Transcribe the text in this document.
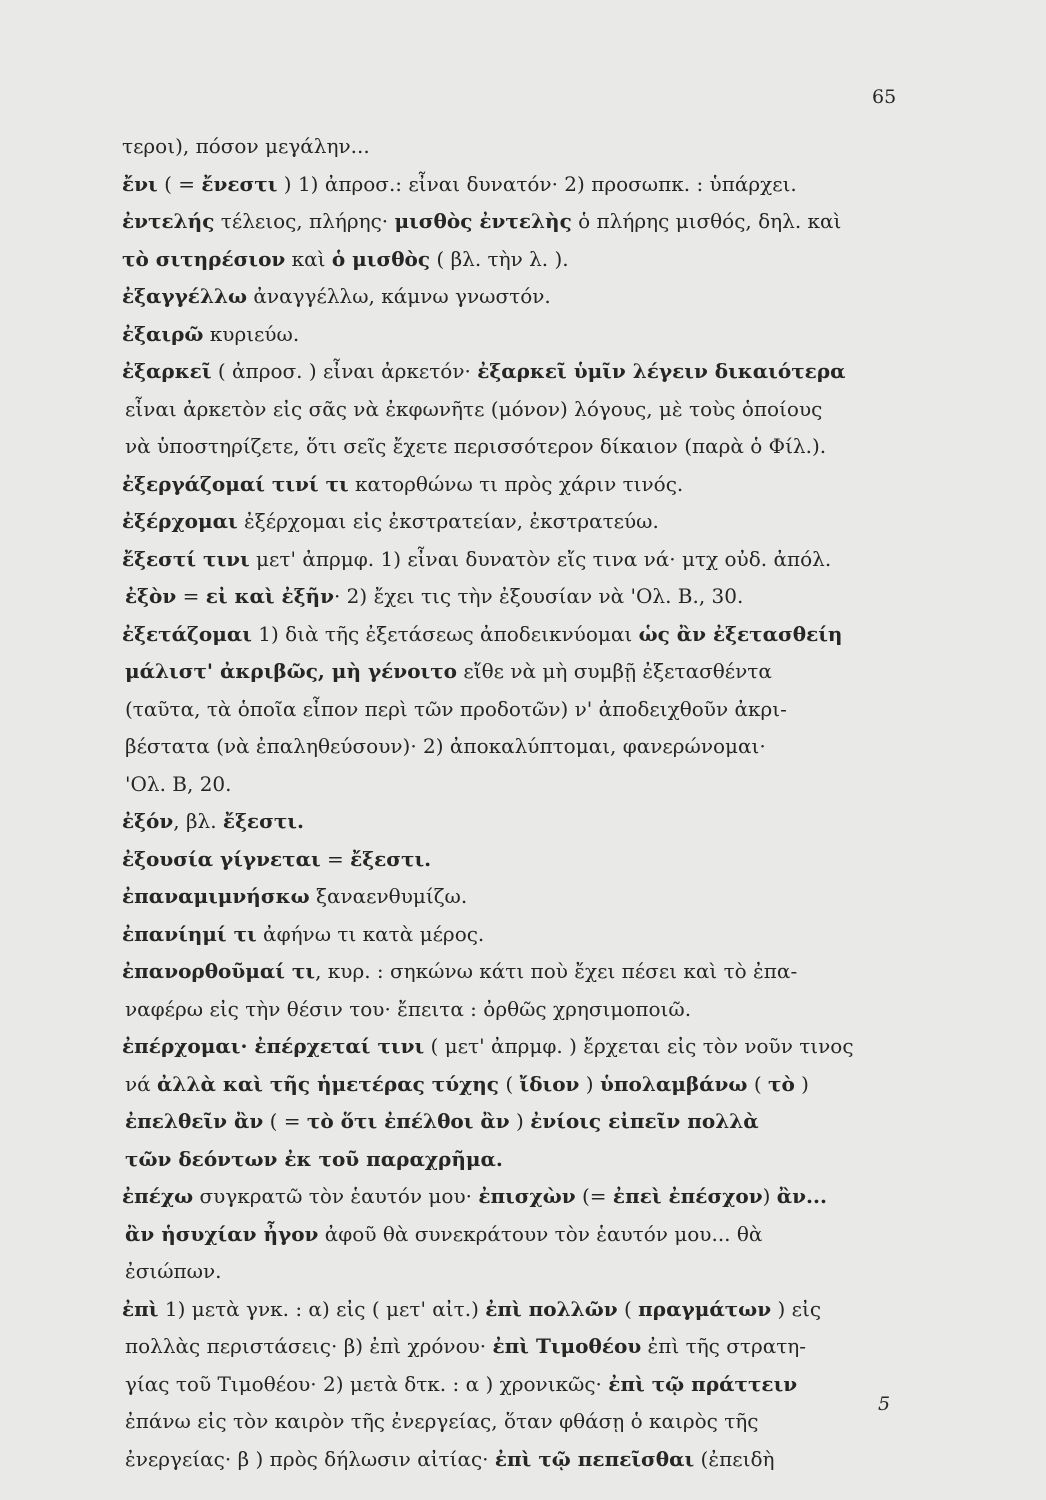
65
τεροι), πόσον μεγάλην...
ἔνι ( = ἔνεστι ) 1) ἀπροσ.: εἶναι δυνατόν· 2) προσωπκ. : ὑπάρχει.
ἐντελής τέλειος, πλήρης· μισθὸς ἐντελὴς ὁ πλήρης μισθός, δηλ. καὶ
τὸ σιτηρέσιον καὶ ὁ μισθὸς ( βλ. τὴν λ. ).
ἐξαγγέλλω ἀναγγέλλω, κάμνω γνωστόν.
ἐξαιρῶ κυριεύω.
ἐξαρκεῖ ( ἀπροσ. ) εἶναι ἀρκετόν· ἐξαρκεῖ ὑμῖν λέγειν δικαιότερα
εἶναι ἀρκετὸν εἰς σᾶς νὰ ἐκφωνῆτε (μόνον) λόγους, μὲ τοὺς ὁποίους
νὰ ὑποστηρίζετε, ὅτι σεῖς ἔχετε περισσότερον δίκαιον (παρὰ ὁ Φίλ.).
ἐξεργάζομαί τινί τι κατορθώνω τι πρὸς χάριν τινός.
ἐξέρχομαι ἐξέρχομαι εἰς ἐκστρατείαν, ἐκστρατεύω.
ἔξεστί τινι μετ' ἀπρμφ. 1) εἶναι δυνατὸν εἴς τινα νά· μτχ οὐδ. ἀπόλ.
ἐξὸν = εἰ καὶ ἐξῆν· 2) ἔχει τις τὴν ἐξουσίαν νὰ 'Ολ. Β., 30.
ἐξετάζομαι 1) διὰ τῆς ἐξετάσεως ἀποδεικνύομαι ὡς ἂν ἐξετασθείη
μάλιστ' ἀκριβῶς, μὴ γένοιτο εἴθε νὰ μὴ συμβῇ ἐξετασθέντα
(ταῦτα, τὰ ὁποῖα εἶπον περὶ τῶν προδοτῶν) ν' ἀποδειχθοῦν ἀκρι-
βέστατα (νὰ ἐπαληθεύσουν)· 2) ἀποκαλύπτομαι, φανερώνομαι·
'Ολ. Β, 20.
ἐξόν, βλ. ἔξεστι.
ἐξουσία γίγνεται = ἔξεστι.
ἐπαναμιμνήσκω ξαναενθυμίζω.
ἐπανίημί τι ἀφήνω τι κατὰ μέρος.
ἐπανορθοῦμαί τι, κυρ. : σηκώνω κάτι ποὺ ἔχει πέσει καὶ τὸ ἐπα-
ναφέρω εἰς τὴν θέσιν του· ἔπειτα : ὀρθῶς χρησιμοποιῶ.
ἐπέρχομαι· ἐπέρχεταί τινι ( μετ' ἀπρμφ. ) ἔρχεται εἰς τὸν νοῦν τινος
νά ἀλλὰ καὶ τῆς ἡμετέρας τύχης ( ἴδιον ) ὑπολαμβάνω ( τὸ )
ἐπελθεῖν ἂν ( = τὸ ὅτι ἐπέλθοι ἂν ) ἐνίοις εἰπεῖν πολλὰ
τῶν δεόντων ἐκ τοῦ παραχρῆμα.
ἐπέχω συγκρατῶ τὸν ἑαυτόν μου· ἐπισχὼν (= ἐπεὶ ἐπέσχον) ἂν...
ἂν ἡσυχίαν ἦγον ἀφοῦ θὰ συνεκράτουν τὸν ἑαυτόν μου... θὰ
ἐσιώπων.
ἐπὶ 1) μετὰ γνκ. : α) εἰς ( μετ' αἰτ.) ἐπὶ πολλῶν ( πραγμάτων ) εἰς
πολλὰς περιστάσεις· β) ἐπὶ χρόνου· ἐπὶ Τιμοθέου ἐπὶ τῆς στρατη-
γίας τοῦ Τιμοθέου· 2) μετὰ δτκ. : α ) χρονικῶς· ἐπὶ τῷ πράττειν
ἐπάνω εἰς τὸν καιρὸν τῆς ἐνεργείας, ὅταν φθάσῃ ὁ καιρὸς τῆς
ἐνεργείας· β ) πρὸς δήλωσιν αἰτίας· ἐπὶ τῷ πεπεῖσθαι (ἐπειδὴ
5
